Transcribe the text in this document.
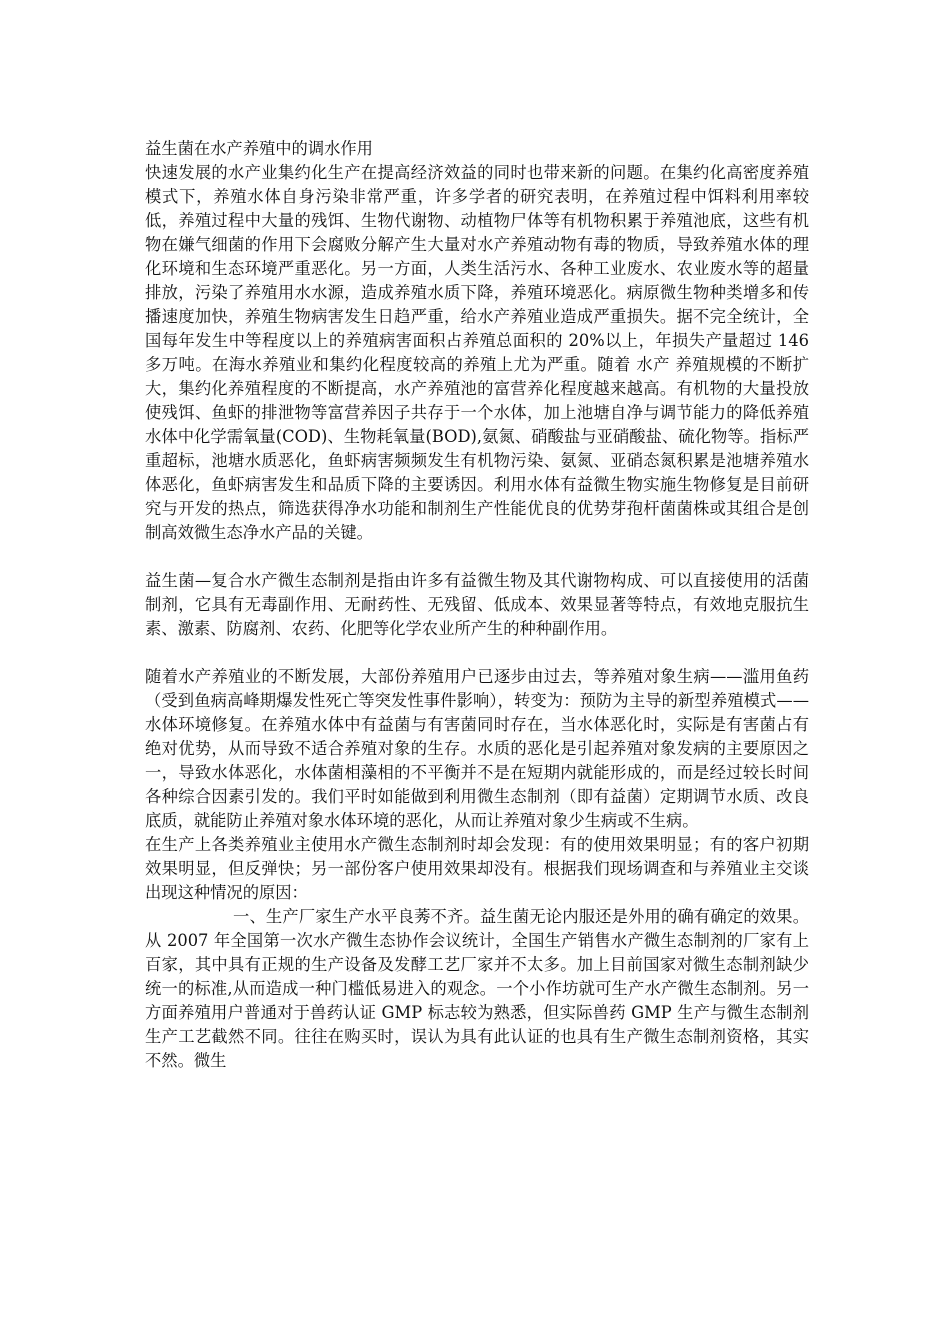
益生菌在水产养殖中的调水作用

快速发展的水产业集约化生产在提高经济效益的同时也带来新的问题。在集约化高密度养殖模式下，养殖水体自身污染非常严重，许多学者的研究表明，在养殖过程中饵料利用率较低，养殖过程中大量的残饵、生物代谢物、动植物尸体等有机物积累于养殖池底，这些有机物在嫌气细菌的作用下会腐败分解产生大量对水产养殖动物有毒的物质，导致养殖水体的理化环境和生态环境严重恶化。另一方面，人类生活污水、各种工业废水、农业废水等的超量排放，污染了养殖用水水源，造成养殖水质下降，养殖环境恶化。病原微生物种类增多和传播速度加快，养殖生物病害发生日趋严重，给水产养殖业造成严重损失。据不完全统计，全国每年发生中等程度以上的养殖病害面积占养殖总面积的 20%以上，年损失产量超过 146 多万吨。在海水养殖业和集约化程度较高的养殖上尤为严重。随着 水产 养殖规模的不断扩大，集约化养殖程度的不断提高，水产养殖池的富营养化程度越来越高。有机物的大量投放使残饵、鱼虾的排泄物等富营养因子共存于一个水体，加上池塘自净与调节能力的降低养殖水体中化学需氧量(COD)、生物耗氧量(BOD),氨氮、硝酸盐与亚硝酸盐、硫化物等。指标严重超标，池塘水质恶化，鱼虾病害频频发生有机物污染、氨氮、亚硝态氮积累是池塘养殖水体恶化，鱼虾病害发生和品质下降的主要诱因。利用水体有益微生物实施生物修复是目前研究与开发的热点，筛选获得净水功能和制剂生产性能优良的优势芽孢杆菌菌株或其组合是创制高效微生态净水产品的关键。

益生菌—复合水产微生态制剂是指由许多有益微生物及其代谢物构成、可以直接使用的活菌制剂，它具有无毒副作用、无耐药性、无残留、低成本、效果显著等特点，有效地克服抗生素、激素、防腐剂、农药、化肥等化学农业所产生的种种副作用。

随着水产养殖业的不断发展，大部份养殖用户已逐步由过去，等养殖对象生病——滥用鱼药（受到鱼病高峰期爆发性死亡等突发性事件影响），转变为：预防为主导的新型养殖模式——水体环境修复。在养殖水体中有益菌与有害菌同时存在，当水体恶化时，实际是有害菌占有绝对优势，从而导致不适合养殖对象的生存。水质的恶化是引起养殖对象发病的主要原因之一，导致水体恶化，水体菌相藻相的不平衡并不是在短期内就能形成的，而是经过较长时间各种综合因素引发的。我们平时如能做到利用微生态制剂（即有益菌）定期调节水质、改良底质，就能防止养殖对象水体环境的恶化，从而让养殖对象少生病或不生病。

在生产上各类养殖业主使用水产微生态制剂时却会发现：有的使用效果明显；有的客户初期效果明显，但反弹快；另一部份客户使用效果却没有。根据我们现场调查和与养殖业主交谈出现这种情况的原因：

一、生产厂家生产水平良莠不齐。益生菌无论内服还是外用的确有确定的效果。从 2007 年全国第一次水产微生态协作会议统计，全国生产销售水产微生态制剂的厂家有上百家，其中具有正规的生产设备及发酵工艺厂家并不太多。加上目前国家对微生态制剂缺少统一的标准,从而造成一种门槛低易进入的观念。一个小作坊就可生产水产微生态制剂。另一方面养殖用户普通对于兽药认证 GMP 标志较为熟悉，但实际兽药 GMP 生产与微生态制剂生产工艺截然不同。往往在购买时，误认为具有此认证的也具有生产微生态制剂资格，其实不然。微生
